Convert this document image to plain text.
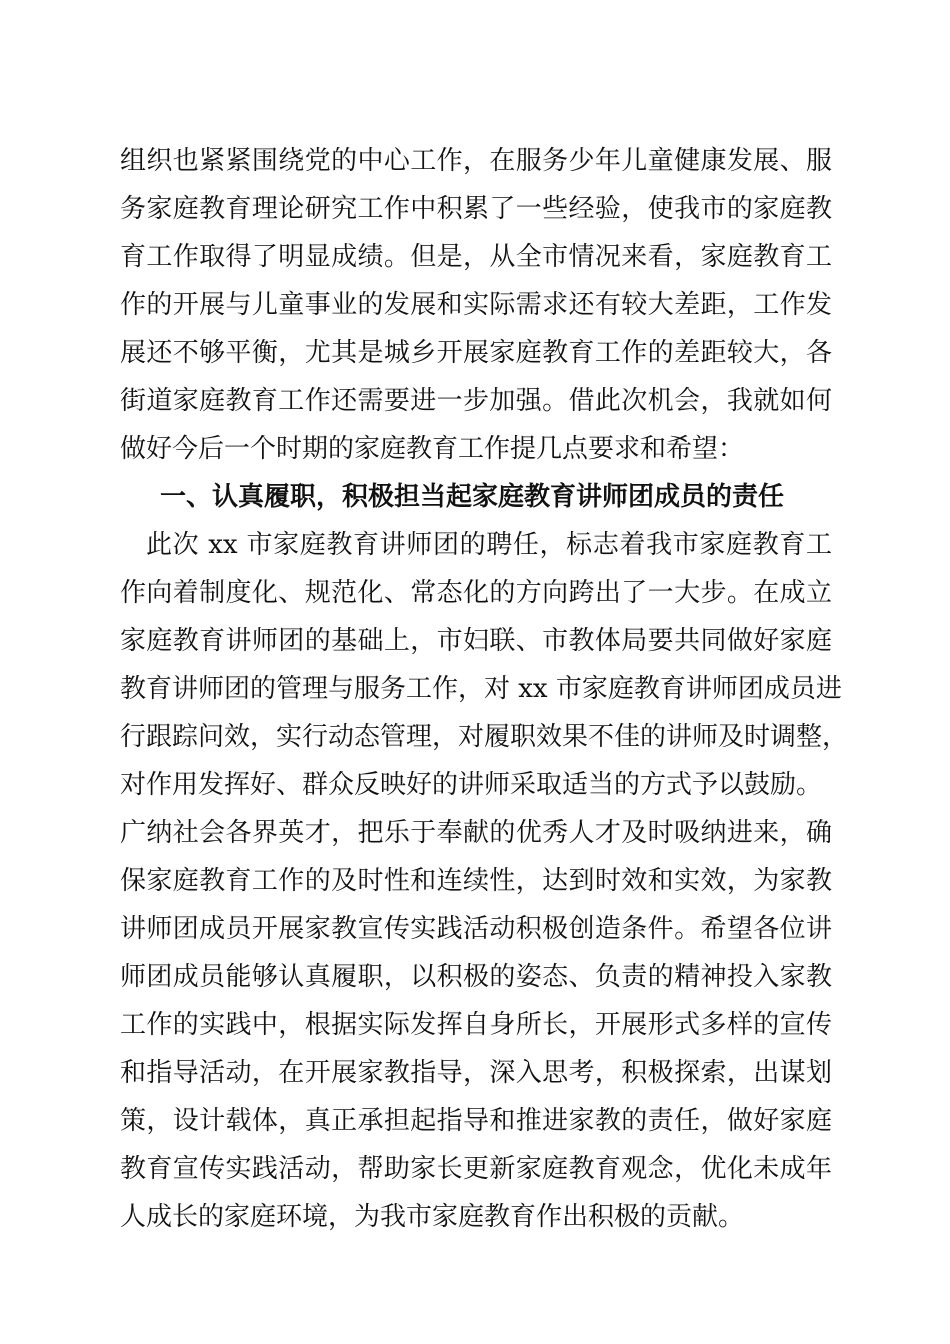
组织也紧紧围绕党的中心工作，在服务少年儿童健康发展、服
务家庭教育理论研究工作中积累了一些经验，使我市的家庭教
育工作取得了明显成绩。但是，从全市情况来看，家庭教育工
作的开展与儿童事业的发展和实际需求还有较大差距，工作发
展还不够平衡，尤其是城乡开展家庭教育工作的差距较大，各
街道家庭教育工作还需要进一步加强。借此次机会，我就如何
做好今后一个时期的家庭教育工作提几点要求和希望：
一、认真履职，积极担当起家庭教育讲师团成员的责任
此次 xx 市家庭教育讲师团的聘任，标志着我市家庭教育工
作向着制度化、规范化、常态化的方向跨出了一大步。在成立
家庭教育讲师团的基础上，市妇联、市教体局要共同做好家庭
教育讲师团的管理与服务工作，对 xx 市家庭教育讲师团成员进
行跟踪问效，实行动态管理，对履职效果不佳的讲师及时调整，
对作用发挥好、群众反映好的讲师采取适当的方式予以鼓励。
广纳社会各界英才，把乐于奉献的优秀人才及时吸纳进来，确
保家庭教育工作的及时性和连续性，达到时效和实效，为家教
讲师团成员开展家教宣传实践活动积极创造条件。希望各位讲
师团成员能够认真履职，以积极的姿态、负责的精神投入家教
工作的实践中，根据实际发挥自身所长，开展形式多样的宣传
和指导活动，在开展家教指导，深入思考，积极探索，出谋划
策，设计载体，真正承担起指导和推进家教的责任，做好家庭
教育宣传实践活动，帮助家长更新家庭教育观念，优化未成年
人成长的家庭环境，为我市家庭教育作出积极的贡献。
